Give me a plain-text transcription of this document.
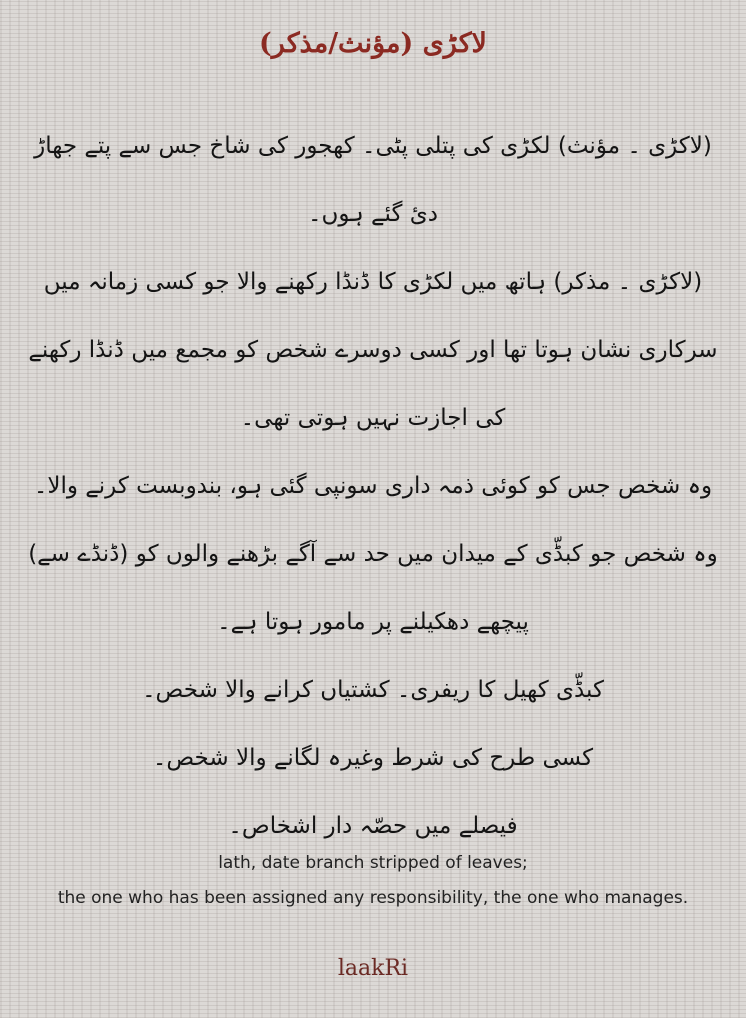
لاکڑی (مؤنث/مذکر)

(لاکڑی ۔ مؤنث) لکڑی کی پتلی پٹی۔ کھجور کی شاخ جس سے پتے جھاڑ دیٔ گئے ہوں۔

(لاکڑی ۔ مذکر) ہاتھ میں لکڑی کا ڈنڈا رکھنے والا جو کسی زمانہ میں سرکاری نشان ہوتا تھا اور کسی دوسرے شخص کو مجمع میں ڈنڈا رکھنے کی اجازت نہیں ہوتی تھی۔

وہ شخص جس کو کوئی ذمہ داری سونپی گئی ہو، بندوبست کرنے والا۔

وہ شخص جو کبڈّی کے میدان میں حد سے آگے بڑھنے والوں کو (ڈنڈے سے) پیچھے دھکیلنے پر مامور ہوتا ہے۔

کبڈّی کھیل کا ریفری۔ کشتیاں کرانے والا شخص۔

کسی طرح کی شرط وغیرہ لگانے والا شخص۔

فیصلے میں حصّہ دار اشخاص۔

lath, date branch stripped of leaves;

the one who has been assigned any responsibility, the one who manages.

laakRi
